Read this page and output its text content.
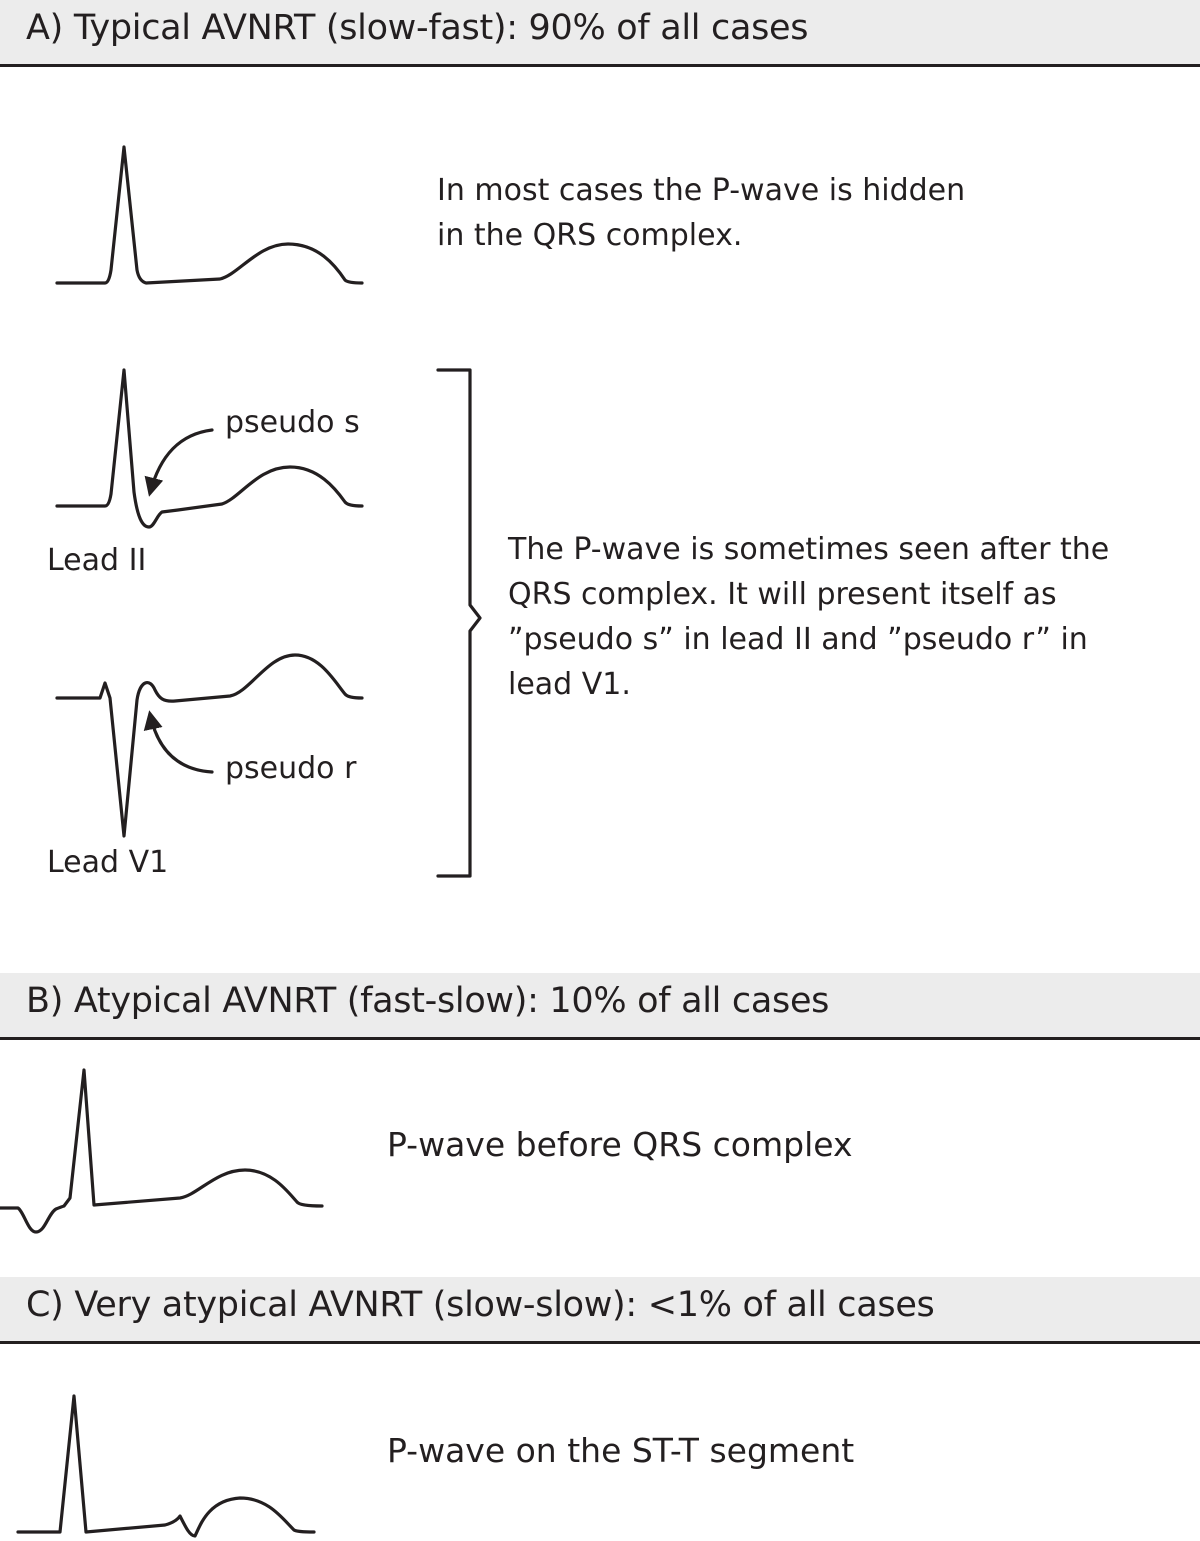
A) Typical AVNRT (slow-fast): 90% of all cases
B) Atypical AVNRT (fast-slow): 10% of all cases
C) Very atypical AVNRT (slow-slow): <1% of all cases
In most cases the P-wave is hidden
in the QRS complex.
pseudo s
Lead II
pseudo r
Lead V1
The P-wave is sometimes seen after the
QRS complex. It will present itself as
”pseudo s” in lead II and ”pseudo r” in
lead V1.
P-wave before QRS complex
P-wave on the ST-T segment
